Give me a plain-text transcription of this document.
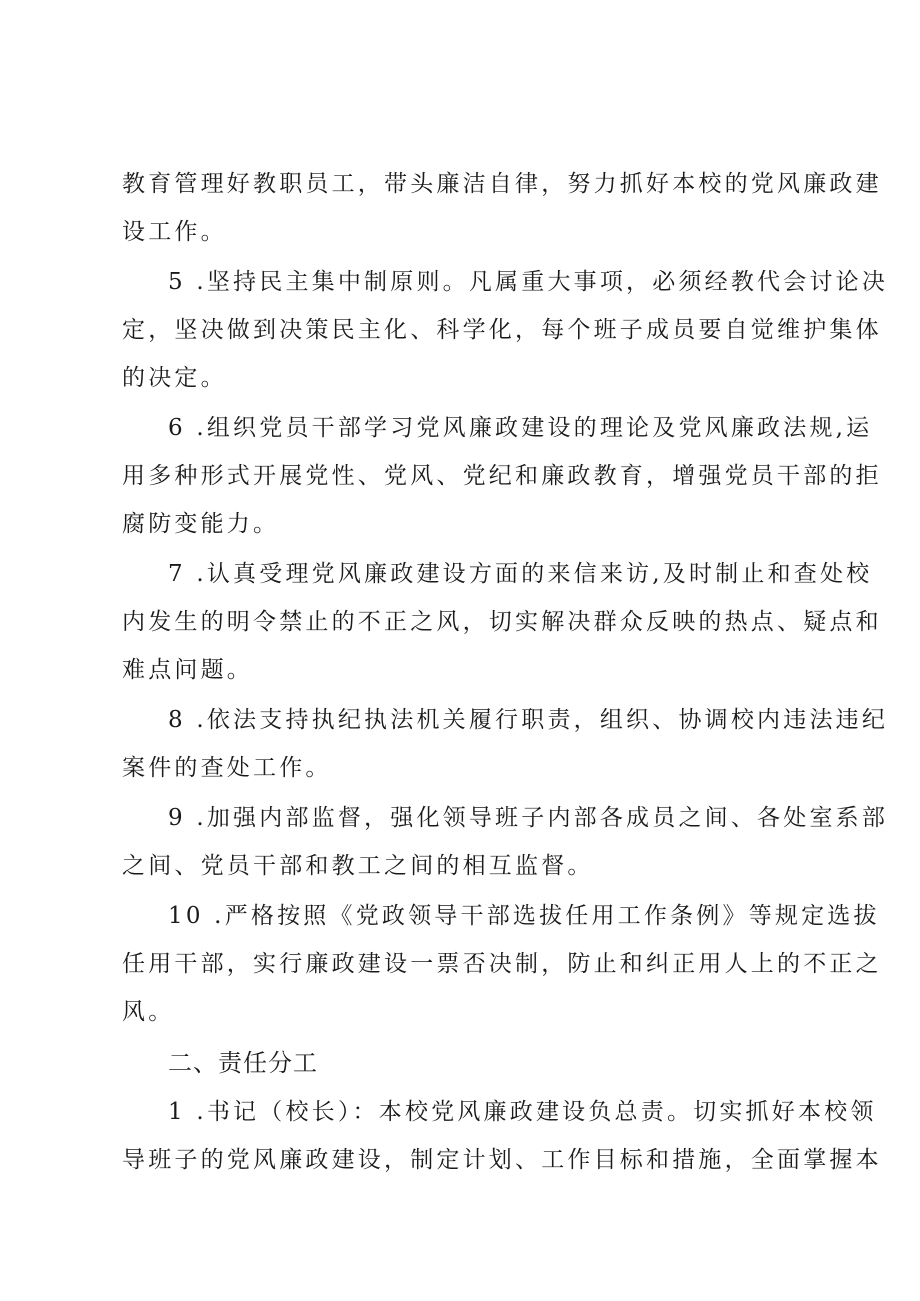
教育管理好教职员工，带头廉洁自律，努力抓好本校的党风廉政建
设工作。
5 .坚持民主集中制原则。凡属重大事项，必须经教代会讨论决
定，坚决做到决策民主化、科学化，每个班子成员要自觉维护集体
的决定。
6 .组织党员干部学习党风廉政建设的理论及党风廉政法规,运
用多种形式开展党性、党风、党纪和廉政教育，增强党员干部的拒
腐防变能力。
7 .认真受理党风廉政建设方面的来信来访,及时制止和查处校
内发生的明令禁止的不正之风，切实解决群众反映的热点、疑点和
难点问题。
8 .依法支持执纪执法机关履行职责，组织、协调校内违法违纪
案件的查处工作。
9 .加强内部监督，强化领导班子内部各成员之间、各处室系部
之间、党员干部和教工之间的相互监督。
10 .严格按照《党政领导干部选拔任用工作条例》等规定选拔
任用干部，实行廉政建设一票否决制，防止和纠正用人上的不正之
风。
二、责任分工
1 .书记（校长）：本校党风廉政建设负总责。切实抓好本校领
导班子的党风廉政建设，制定计划、工作目标和措施，全面掌握本
